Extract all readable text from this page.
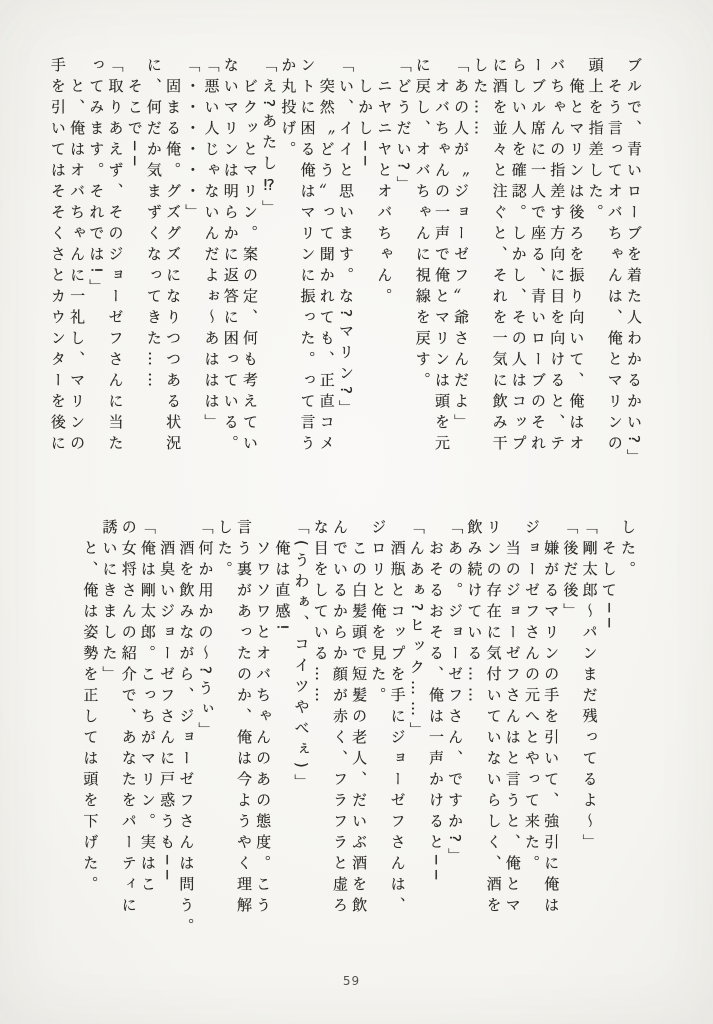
ブルで、青いローブを着た人わかるかい?」

そう言ってオバちゃんは、俺とマリンの

頭上を指差した。

俺とマリンは後ろを振り向いて、俺はオ

バちゃんの指差す方向に目を向けると、テ

ーブル席に一人で座る、青いローブのそれ

らしい人を確認。しかし、その人はコップ

に酒を並々と注ぐと、それを一気に飲み干

した……

「あの人が〝ジョーゼフ〟爺さんだよ」

オバちゃんの一声で俺とマリンは頭を元

に戻し、オバちゃんに視線を戻す。

「どうだい?」

ニヤニヤとオバちゃん。

しかし──

「い、イイと思います。な?マリン?」

突然〝どう〟って聞かれても、正直コメ

ントに困る俺はマリンに振った。って言う

か丸投げ。

「え?あたし⁉」

ビクッとマリン。案の定、何も考えてい

ないマリンは明らかに返答に困っている。

「悪い人じゃないんだよぉ〜あははは」

「・・・・・・」

固まる俺。グズグズになりつつある状況

に、何だか気まずくなってきた……

そこで──

「取りあえず、そのジョーゼフさんに当た

ってみます。それでは!」

と、俺はオバちゃんに一礼し、マリンの

手を引いてはそそくさとカウンターを後に

した。

そして──

「剛太郎〜パンまだ残ってるよ〜」

「後だ後」

嫌がるマリンの手を引いて、強引に俺は

ジョーゼフさんの元へとやって来た。

当のジョーゼフさんはと言うと、俺とマ

リンの存在に気付いていないらしく、酒を

飲み続けている……

「あの。ジョーゼフさん、ですか?」

おそるおそる、俺は一声かけると──

「んあぁ?ヒック……」

酒瓶とコップを手にジョーゼフさんは、

ジロリと俺を見た。

この白髪頭で短髪の老人、だいぶ酒を飲

んでいるからか顔が赤く、フラフラと虚ろ

な目をしている……

「(うわぁ、コイツやべぇ)」

俺は直感!

ソワソワとオバちゃんのあの態度。こう

言う裏があったのか、俺は今ようやく理解

した。

「何か用かの〜?うぃ」

酒を飲みながら、ジョーゼフさんは問う。

酒臭いジョーゼフさんに戸惑うも──

「俺は剛太郎。こっちがマリン。実はこ

の女将さんの紹介で、あなたをパーティに

誘いにきました」

と、俺は姿勢を正しては頭を下げた。

59
